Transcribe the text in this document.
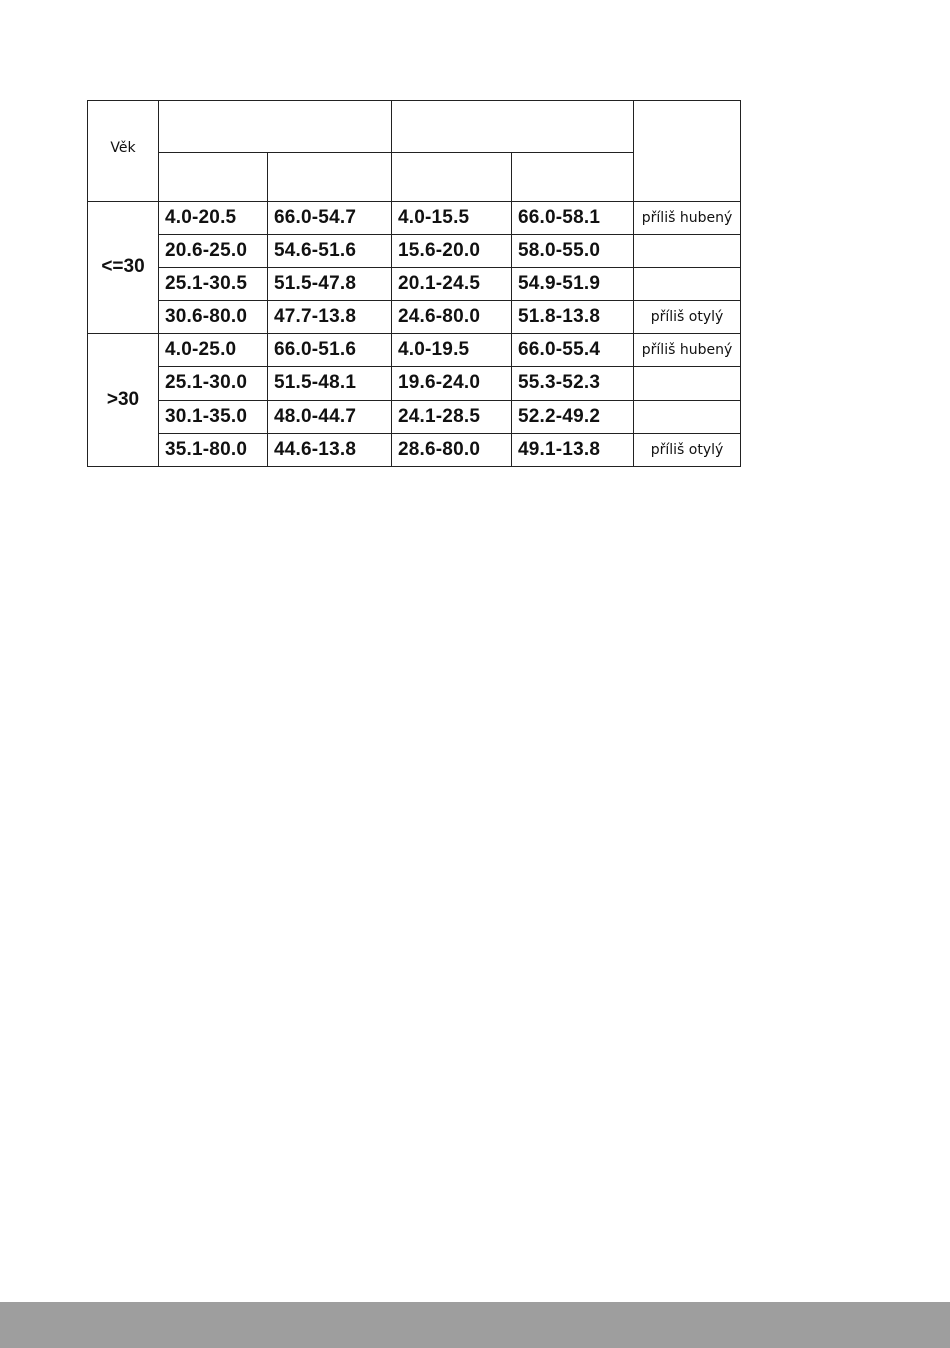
Věk					

<=30	4.0-20.5	66.0-54.7	4.0-15.5	66.0-58.1	příliš hubený
	20.6-25.0	54.6-51.6	15.6-20.0	58.0-55.0	
	25.1-30.5	51.5-47.8	20.1-24.5	54.9-51.9	
	30.6-80.0	47.7-13.8	24.6-80.0	51.8-13.8	příliš otylý
>30	4.0-25.0	66.0-51.6	4.0-19.5	66.0-55.4	příliš hubený
	25.1-30.0	51.5-48.1	19.6-24.0	55.3-52.3	
	30.1-35.0	48.0-44.7	24.1-28.5	52.2-49.2	
	35.1-80.0	44.6-13.8	28.6-80.0	49.1-13.8	příliš otylý
